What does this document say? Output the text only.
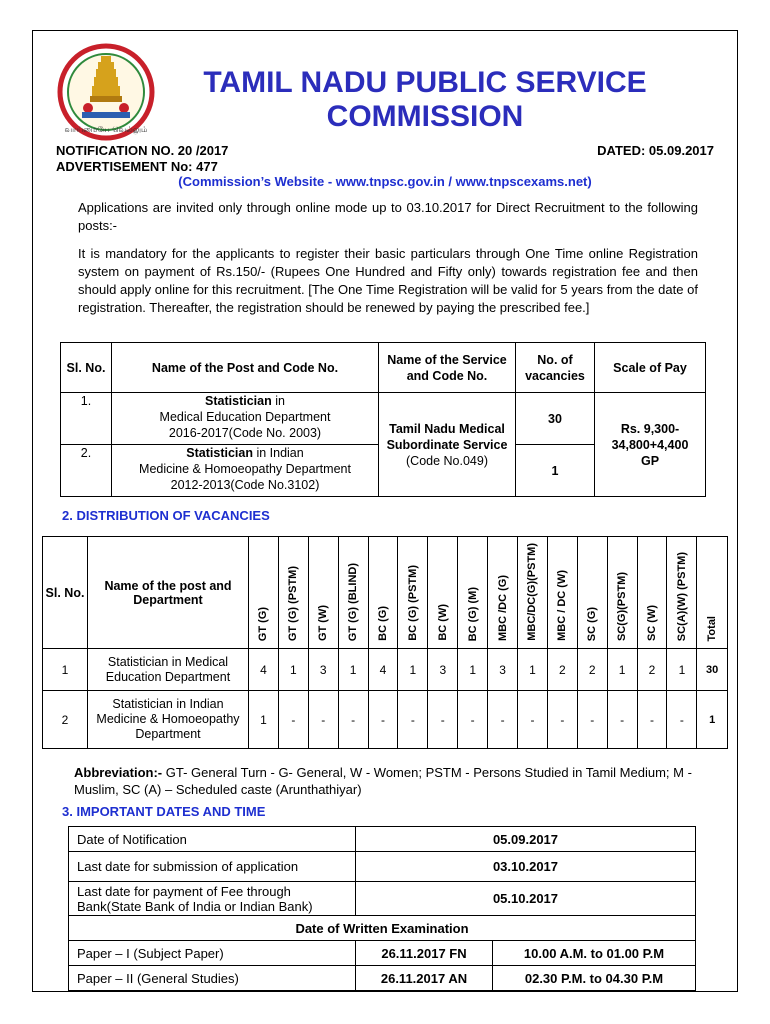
வாய்மையே வெல்லும்
TAMIL NADU PUBLIC SERVICE
COMMISSION
NOTIFICATION NO. 20 /2017
ADVERTISEMENT No: 477
DATED: 05.09.2017
(Commission’s Website - www.tnpsc.gov.in / www.tnpscexams.net)
Applications are invited only through online mode up to 03.10.2017 for Direct Recruitment to the following posts:-
It is mandatory for the applicants to register their basic particulars through One Time online Registration system on payment of Rs.150/- (Rupees One Hundred and Fifty only) towards registration fee and then should apply online for this recruitment. [The One Time Registration will be valid for 5 years from the date of registration. Thereafter, the registration should be renewed by paying the prescribed fee.]
Sl. No.	Name of the Post and Code No.	Name of the Service and Code No.	No. of vacancies	Scale of Pay
1.	Statistician in
Medical Education Department
2016-2017(Code No. 2003)	Tamil Nadu Medical Subordinate Service
(Code No.049)	30	Rs. 9,300-34,800+4,400 GP
2.	Statistician in Indian
Medicine & Homoeopathy Department
2012-2013(Code No.3102)		1	
2. DISTRIBUTION OF VACANCIES
Sl. No.	Name of the post and Department	GT (G)	GT (G) (PSTM)	GT (W)	GT (G) (BLIND)	BC (G)	BC (G) (PSTM)	BC (W)	BC (G) (M)	MBC /DC (G)	MBC/DC(G)(PSTM)	MBC / DC (W)	SC (G)	SC(G)(PSTM)	SC (W)	SC(A)(W) (PSTM)	Total
1	Statistician in Medical Education Department	4	1	3	1	4	1	3	1	3	1	2	2	1	2	1	30
2	Statistician in Indian Medicine & Homoeopathy Department	1	-	-	-	-	-	-	-	-	-	-	-	-	-	-	1
Abbreviation:- GT- General Turn - G- General, W - Women; PSTM - Persons Studied in Tamil Medium; M - Muslim, SC (A) – Scheduled caste (Arunthathiyar)
3. IMPORTANT DATES AND TIME
Date of Notification	05.09.2017	
Last date for submission of application	03.10.2017	
Last date for payment of Fee through Bank(State Bank of India or Indian Bank)	05.10.2017	
Date of Written Examination		
Paper – I (Subject Paper)	26.11.2017 FN	10.00 A.M. to 01.00 P.M
Paper – II (General Studies)	26.11.2017 AN	02.30 P.M. to 04.30 P.M
